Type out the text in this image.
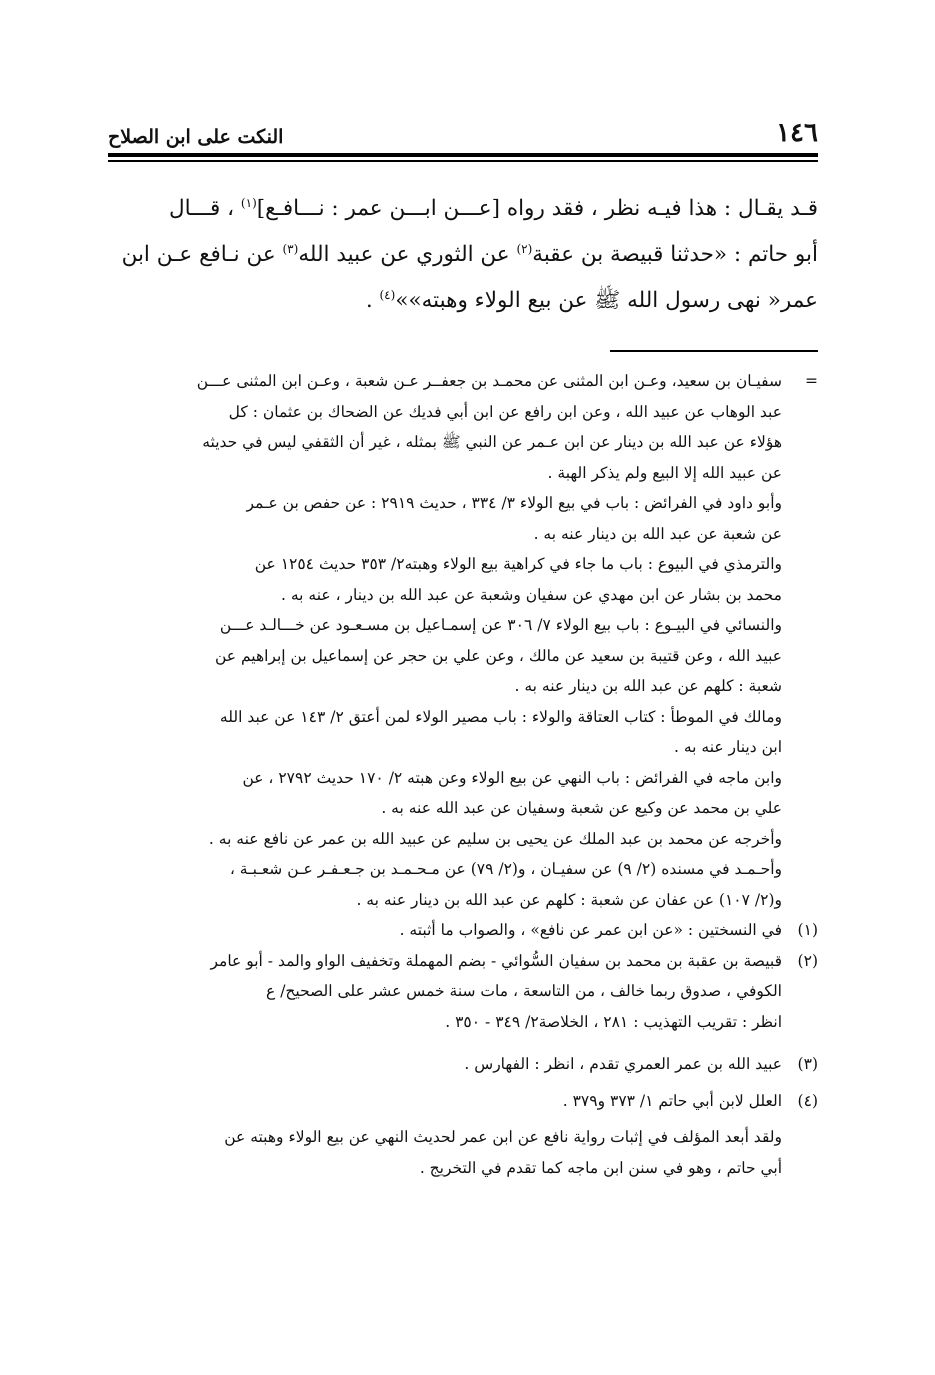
١٤٦
النكت على ابن الصلاح

قـد يقـال : هذا فيـه نظر ، فقد رواه [عـــن ابـــن عمر : نـــافـع]$^{(١)}$ ، قـــال

أبو حاتم : «حدثنا قبيصة بن عقبة$^{(٢)}$ عن الثوري عن عبيد الله$^{(٣)}$ عن نـافع عـن ابن

عمر« نهى رسول الله ﷺ عن بيع الولاء وهبته»»$^{(٤)}$ .

=
سفيـان بن سعيد، وعـن ابن المثنى عن محمـد بن جعفــر عـن شعبة ، وعـن ابن المثنى عـــن
عبد الوهاب عن عبيد الله ، وعن ابن رافع عن ابن أبي فديك عن الضحاك بن عثمان : كل
هؤلاء عن عبد الله بن دينار عن ابن عـمر عن النبي ﷺ بمثله ، غير أن الثقفي ليس في حديثه
عن عبيد الله إلا البيع ولم يذكر الهبة .
وأبو داود في الفرائض : باب في بيع الولاء ٣/ ٣٣٤ ، حديث ٢٩١٩ : عن حفص بن عـمر
عن شعبة عن عبد الله بن دينار عنه به .
والترمذي في البيوع : باب ما جاء في كراهية بيع الولاء وهبته٢/ ٣٥٣ حديث ١٢٥٤ عن
محمد بن بشار عن ابن مهدي عن سفيان وشعبة عن عبد الله بن دينار ، عنه به .
والنسائي في البيـوع : باب بيع الولاء ٧/ ٣٠٦ عن إسمـاعيل بن مسـعـود عن خـــالـد عـــن
عبيد الله ، وعن قتيبة بن سعيد عن مالك ، وعن علي بن حجر عن إسماعيل بن إبراهيم عن
شعبة : كلهم عن عبد الله بن دينار عنه به .
ومالك في الموطأ : كتاب العتاقة والولاء : باب مصير الولاء لمن أعتق ٢/ ١٤٣ عن عبد الله
ابن دينار عنه به .
وابن ماجه في الفرائض : باب النهي عن بيع الولاء وعن هبته ٢/ ١٧٠ حديث ٢٧٩٢ ، عن
علي بن محمد عن وكيع عن شعبة وسفيان عن عبد الله عنه به .
وأخرجه عن محمد بن عبد الملك عن يحيى بن سليم عن عبيد الله بن عمر عن نافع عنه به .
وأحـمـد في مسنده (٢/ ٩) عن سفيـان ، و(٢/ ٧٩) عن مـحـمـد بن جـعـفـر عـن شعـبـة ،
و(٢/ ١٠٧) عن عفان عن شعبة : كلهم عن عبد الله بن دينار عنه به .
(١)
في النسختين : «عن ابن عمر عن نافع» ، والصواب ما أثبته .
(٢)
قبيصة بن عقبة بن محمد بن سفيان السُّوائي - بضم المهملة وتخفيف الواو والمد - أبو عامر
الكوفي ، صدوق ربما خالف ، من التاسعة ، مات سنة خمس عشر على الصحيح/ ع
انظر : تقريب التهذيب : ٢٨١ ، الخلاصة٢/ ٣٤٩ - ٣٥٠ .
(٣)
عبيد الله بن عمر العمري تقدم ، انظر : الفهارس .
(٤)
العلل لابن أبي حاتم ١/ ٣٧٣ و٣٧٩ .
ولقد أبعد المؤلف في إثبات رواية نافع عن ابن عمر لحديث النهي عن بيع الولاء وهبته عن
أبي حاتم ، وهو في سنن ابن ماجه كما تقدم في التخريج .
